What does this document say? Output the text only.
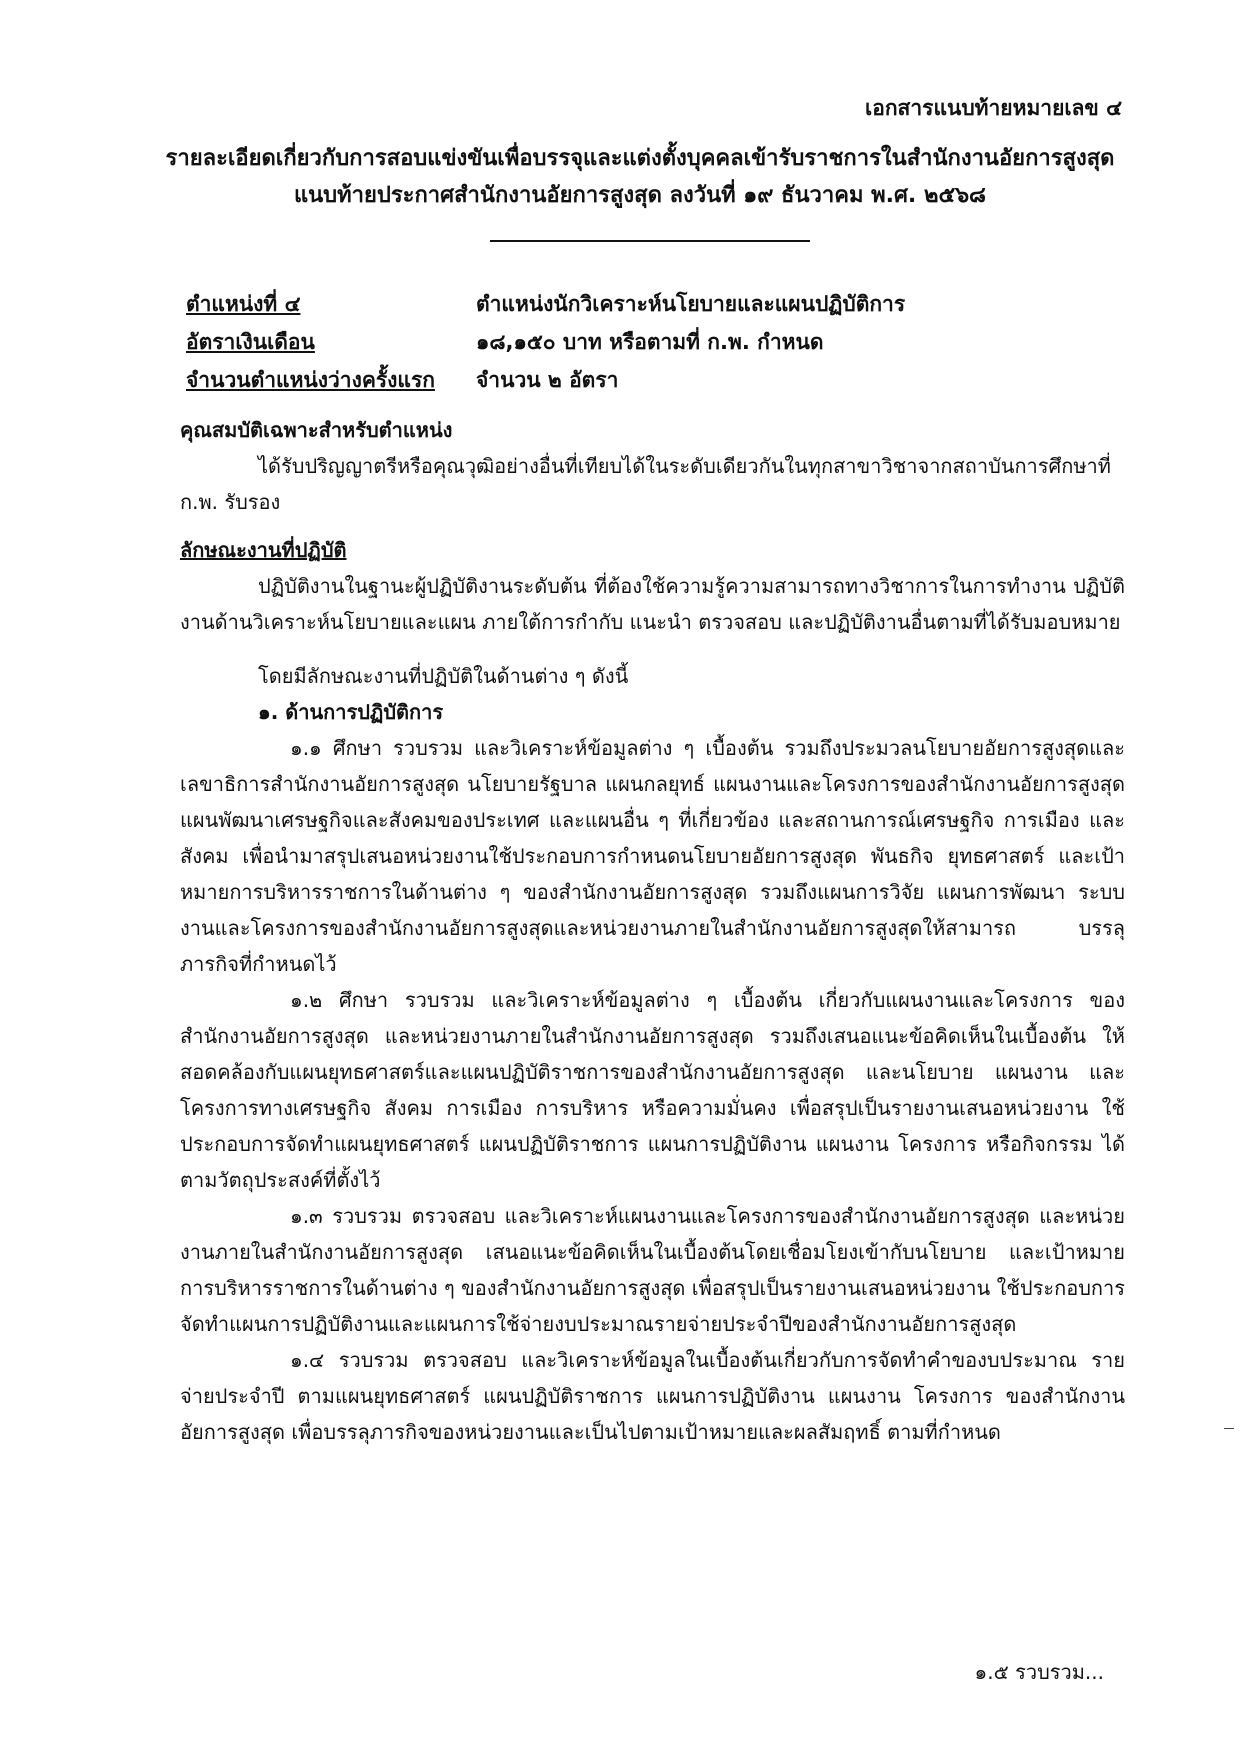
เอกสารแนบท้ายหมายเลข ๔
รายละเอียดเกี่ยวกับการสอบแข่งขันเพื่อบรรจุและแต่งตั้งบุคคลเข้ารับราชการในสำนักงานอัยการสูงสุด
แนบท้ายประกาศสำนักงานอัยการสูงสุด ลงวันที่ ๑๙ ธันวาคม พ.ศ. ๒๕๖๘
ตำแหน่งที่ ๔	ตำแหน่งนักวิเคราะห์นโยบายและแผนปฏิบัติการ
อัตราเงินเดือน	๑๘,๑๕๐ บาท หรือตามที่ ก.พ. กำหนด
จำนวนตำแหน่งว่างครั้งแรก	จำนวน ๒ อัตรา
คุณสมบัติเฉพาะสำหรับตำแหน่ง

ได้รับปริญญาตรีหรือคุณวุฒิอย่างอื่นที่เทียบได้ในระดับเดียวกันในทุกสาขาวิชาจากสถาบันการศึกษาที่ ก.พ. รับรอง

ลักษณะงานที่ปฏิบัติ

ปฏิบัติงานในฐานะผู้ปฏิบัติงานระดับต้น ที่ต้องใช้ความรู้ความสามารถทางวิชาการในการทำงาน ปฏิบัติงานด้านวิเคราะห์นโยบายและแผน ภายใต้การกำกับ แนะนำ ตรวจสอบ และปฏิบัติงานอื่นตามที่ได้รับมอบหมาย

โดยมีลักษณะงานที่ปฏิบัติในด้านต่าง ๆ ดังนี้
๑. ด้านการปฏิบัติการ

๑.๑ ศึกษา รวบรวม และวิเคราะห์ข้อมูลต่าง ๆ เบื้องต้น รวมถึงประมวลนโยบายอัยการสูงสุดและเลขาธิการสำนักงานอัยการสูงสุด นโยบายรัฐบาล แผนกลยุทธ์ แผนงานและโครงการของสำนักงานอัยการสูงสุด แผนพัฒนาเศรษฐกิจและสังคมของประเทศ และแผนอื่น ๆ ที่เกี่ยวข้อง และสถานการณ์เศรษฐกิจ การเมือง และสังคม เพื่อนำมาสรุปเสนอหน่วยงานใช้ประกอบการกำหนดนโยบายอัยการสูงสุด พันธกิจ ยุทธศาสตร์ และเป้าหมายการบริหารราชการในด้านต่าง ๆ ของสำนักงานอัยการสูงสุด รวมถึงแผนการวิจัย แผนการพัฒนา ระบบงานและโครงการของสำนักงานอัยการสูงสุดและหน่วยงานภายในสำนักงานอัยการสูงสุดให้สามารถ บรรลุภารกิจที่กำหนดไว้

๑.๒ ศึกษา รวบรวม และวิเคราะห์ข้อมูลต่าง ๆ เบื้องต้น เกี่ยวกับแผนงานและโครงการ ของสำนักงานอัยการสูงสุด และหน่วยงานภายในสำนักงานอัยการสูงสุด รวมถึงเสนอแนะข้อคิดเห็นในเบื้องต้น ให้สอดคล้องกับแผนยุทธศาสตร์และแผนปฏิบัติราชการของสำนักงานอัยการสูงสุด และนโยบาย แผนงาน และโครงการทางเศรษฐกิจ สังคม การเมือง การบริหาร หรือความมั่นคง เพื่อสรุปเป็นรายงานเสนอหน่วยงาน ใช้ประกอบการจัดทำแผนยุทธศาสตร์ แผนปฏิบัติราชการ แผนการปฏิบัติงาน แผนงาน โครงการ หรือกิจกรรม ได้ตามวัตถุประสงค์ที่ตั้งไว้

๑.๓ รวบรวม ตรวจสอบ และวิเคราะห์แผนงานและโครงการของสำนักงานอัยการสูงสุด และหน่วยงานภายในสำนักงานอัยการสูงสุด เสนอแนะข้อคิดเห็นในเบื้องต้นโดยเชื่อมโยงเข้ากับนโยบาย และเป้าหมายการบริหารราชการในด้านต่าง ๆ ของสำนักงานอัยการสูงสุด เพื่อสรุปเป็นรายงานเสนอหน่วยงาน ใช้ประกอบการจัดทำแผนการปฏิบัติงานและแผนการใช้จ่ายงบประมาณรายจ่ายประจำปีของสำนักงานอัยการสูงสุด

๑.๔ รวบรวม ตรวจสอบ และวิเคราะห์ข้อมูลในเบื้องต้นเกี่ยวกับการจัดทำคำของบประมาณ รายจ่ายประจำปี ตามแผนยุทธศาสตร์ แผนปฏิบัติราชการ แผนการปฏิบัติงาน แผนงาน โครงการ ของสำนักงานอัยการสูงสุด เพื่อบรรลุภารกิจของหน่วยงานและเป็นไปตามเป้าหมายและผลสัมฤทธิ์ ตามที่กำหนด

๑.๕ รวบรวม...
